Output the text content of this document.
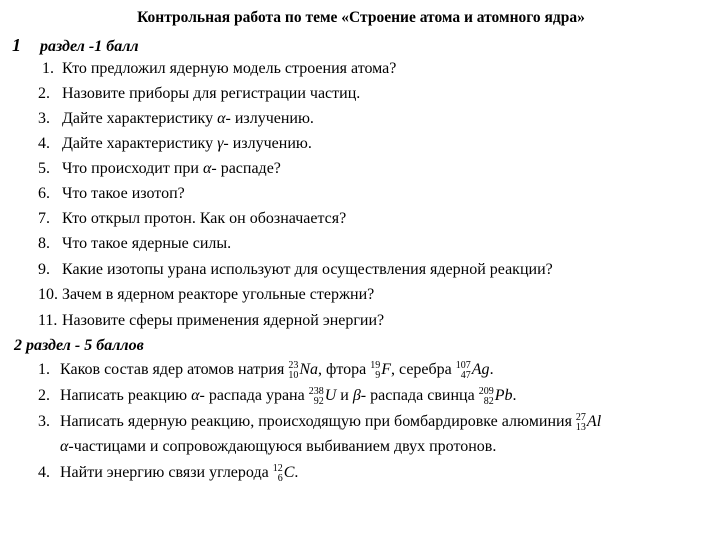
Контрольная работа по теме «Строение атома и атомного ядра»
1 раздел -1 балл
1. Кто предложил ядерную модель строения атома?
2. Назовите приборы для регистрации частиц.
3. Дайте характеристику α- излучению.
4. Дайте характеристику γ- излучению.
5. Что происходит при α- распаде?
6. Что такое изотоп?
7. Кто открыл протон. Как он обозначается?
8. Что такое ядерные силы.
9. Какие изотопы урана используют для осуществления ядерной реакции?
10. Зачем в ядерном реакторе угольные стержни?
11. Назовите сферы применения ядерной энергии?
2 раздел - 5 баллов
1. Каков состав ядер атомов натрия 23
10 Na, фтора 19
9 F, серебра 107
47 Ag.
2. Написать реакцию α- распада урана 238
92 U и β- распада свинца 209
82 Pb.
3. Написать ядерную реакцию, происходящую при бомбардировке алюминия 27
13 Al
α-частицами и сопровождающуюся выбиванием двух протонов.
4. Найти энергию связи углерода 12
6 C.
